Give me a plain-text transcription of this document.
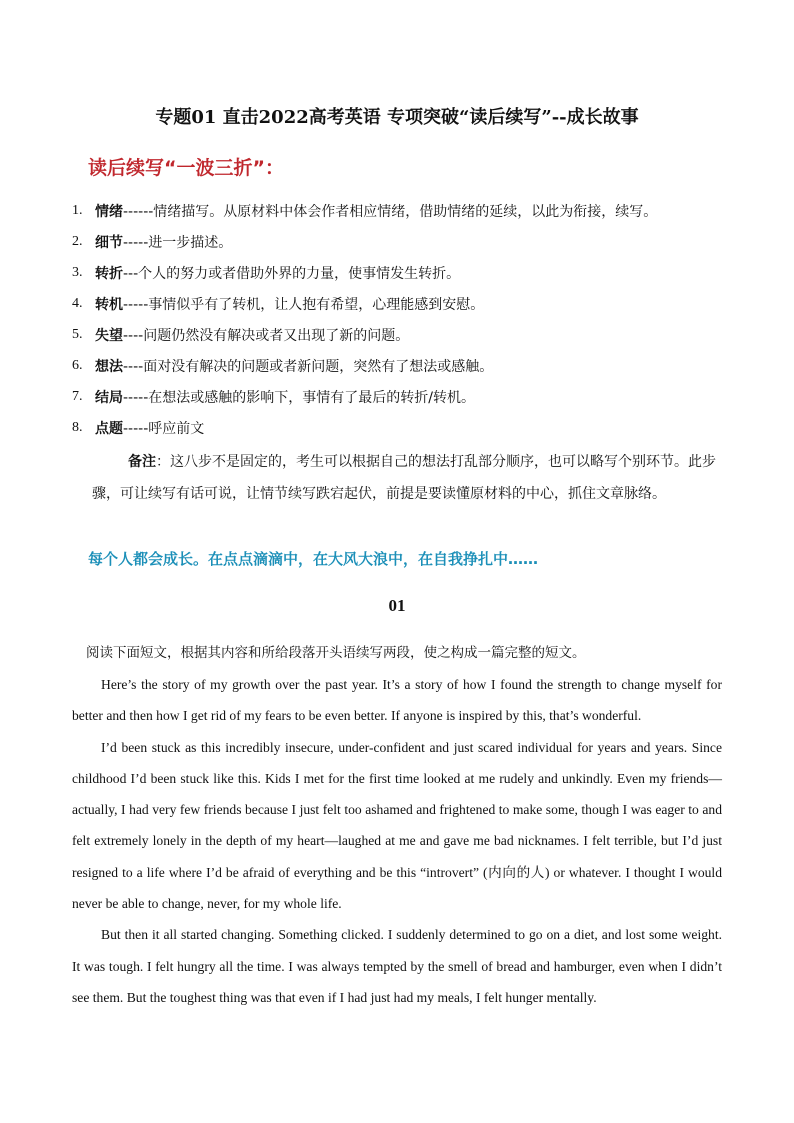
专题01 直击2022高考英语 专项突破“读后续写”--成长故事
读后续写“一波三折”：
1. 情绪 ------情绪描写。从原材料中体会作者相应情绪，借助情绪的延续，以此为衔接，续写。
2. 细节 -----进一步描述。
3. 转折 ---个人的努力或者借助外界的力量，使事情发生转折。
4. 转机 -----事情似乎有了转机，让人抱有希望，心理能感到安慰。
5. 失望 ----问题仍然没有解决或者又出现了新的问题。
6. 想法 ----面对没有解决的问题或者新问题，突然有了想法或感触。
7. 结局 -----在想法或感触的影响下，事情有了最后的转折/转机。
8. 点题 -----呼应前文
备注：这八步不是固定的，考生可以根据自己的想法打乱部分顺序，也可以略写个别环节。此步骤，可让续写有话可说，让情节续写跌宕起伏，前提是要读懂原材料的中心，抓住文章脉络。
每个人都会成长。在点点滴滴中，在大风大浪中，在自我挣扎中……
01
阅读下面短文，根据其内容和所给段落开头语续写两段，使之构成一篇完整的短文。

Here’s the story of my growth over the past year. It’s a story of how I found the strength to change myself for better and then how I get rid of my fears to be even better. If anyone is inspired by this, that’s wonderful.

I’d been stuck as this incredibly insecure, under-confident and just scared individual for years and years. Since childhood I’d been stuck like this. Kids I met for the first time looked at me rudely and unkindly. Even my friends—actually, I had very few friends because I just felt too ashamed and frightened to make some, though I was eager to and felt extremely lonely in the depth of my heart—laughed at me and gave me bad nicknames. I felt terrible, but I’d just resigned to a life where I’d be afraid of everything and be this “introvert” (内向的人) or whatever. I thought I would never be able to change, never, for my whole life.

But then it all started changing. Something clicked. I suddenly determined to go on a diet, and lost some weight. It was tough. I felt hungry all the time. I was always tempted by the smell of bread and hamburger, even when I didn’t see them. But the toughest thing was that even if I had just had my meals, I felt hunger mentally.
